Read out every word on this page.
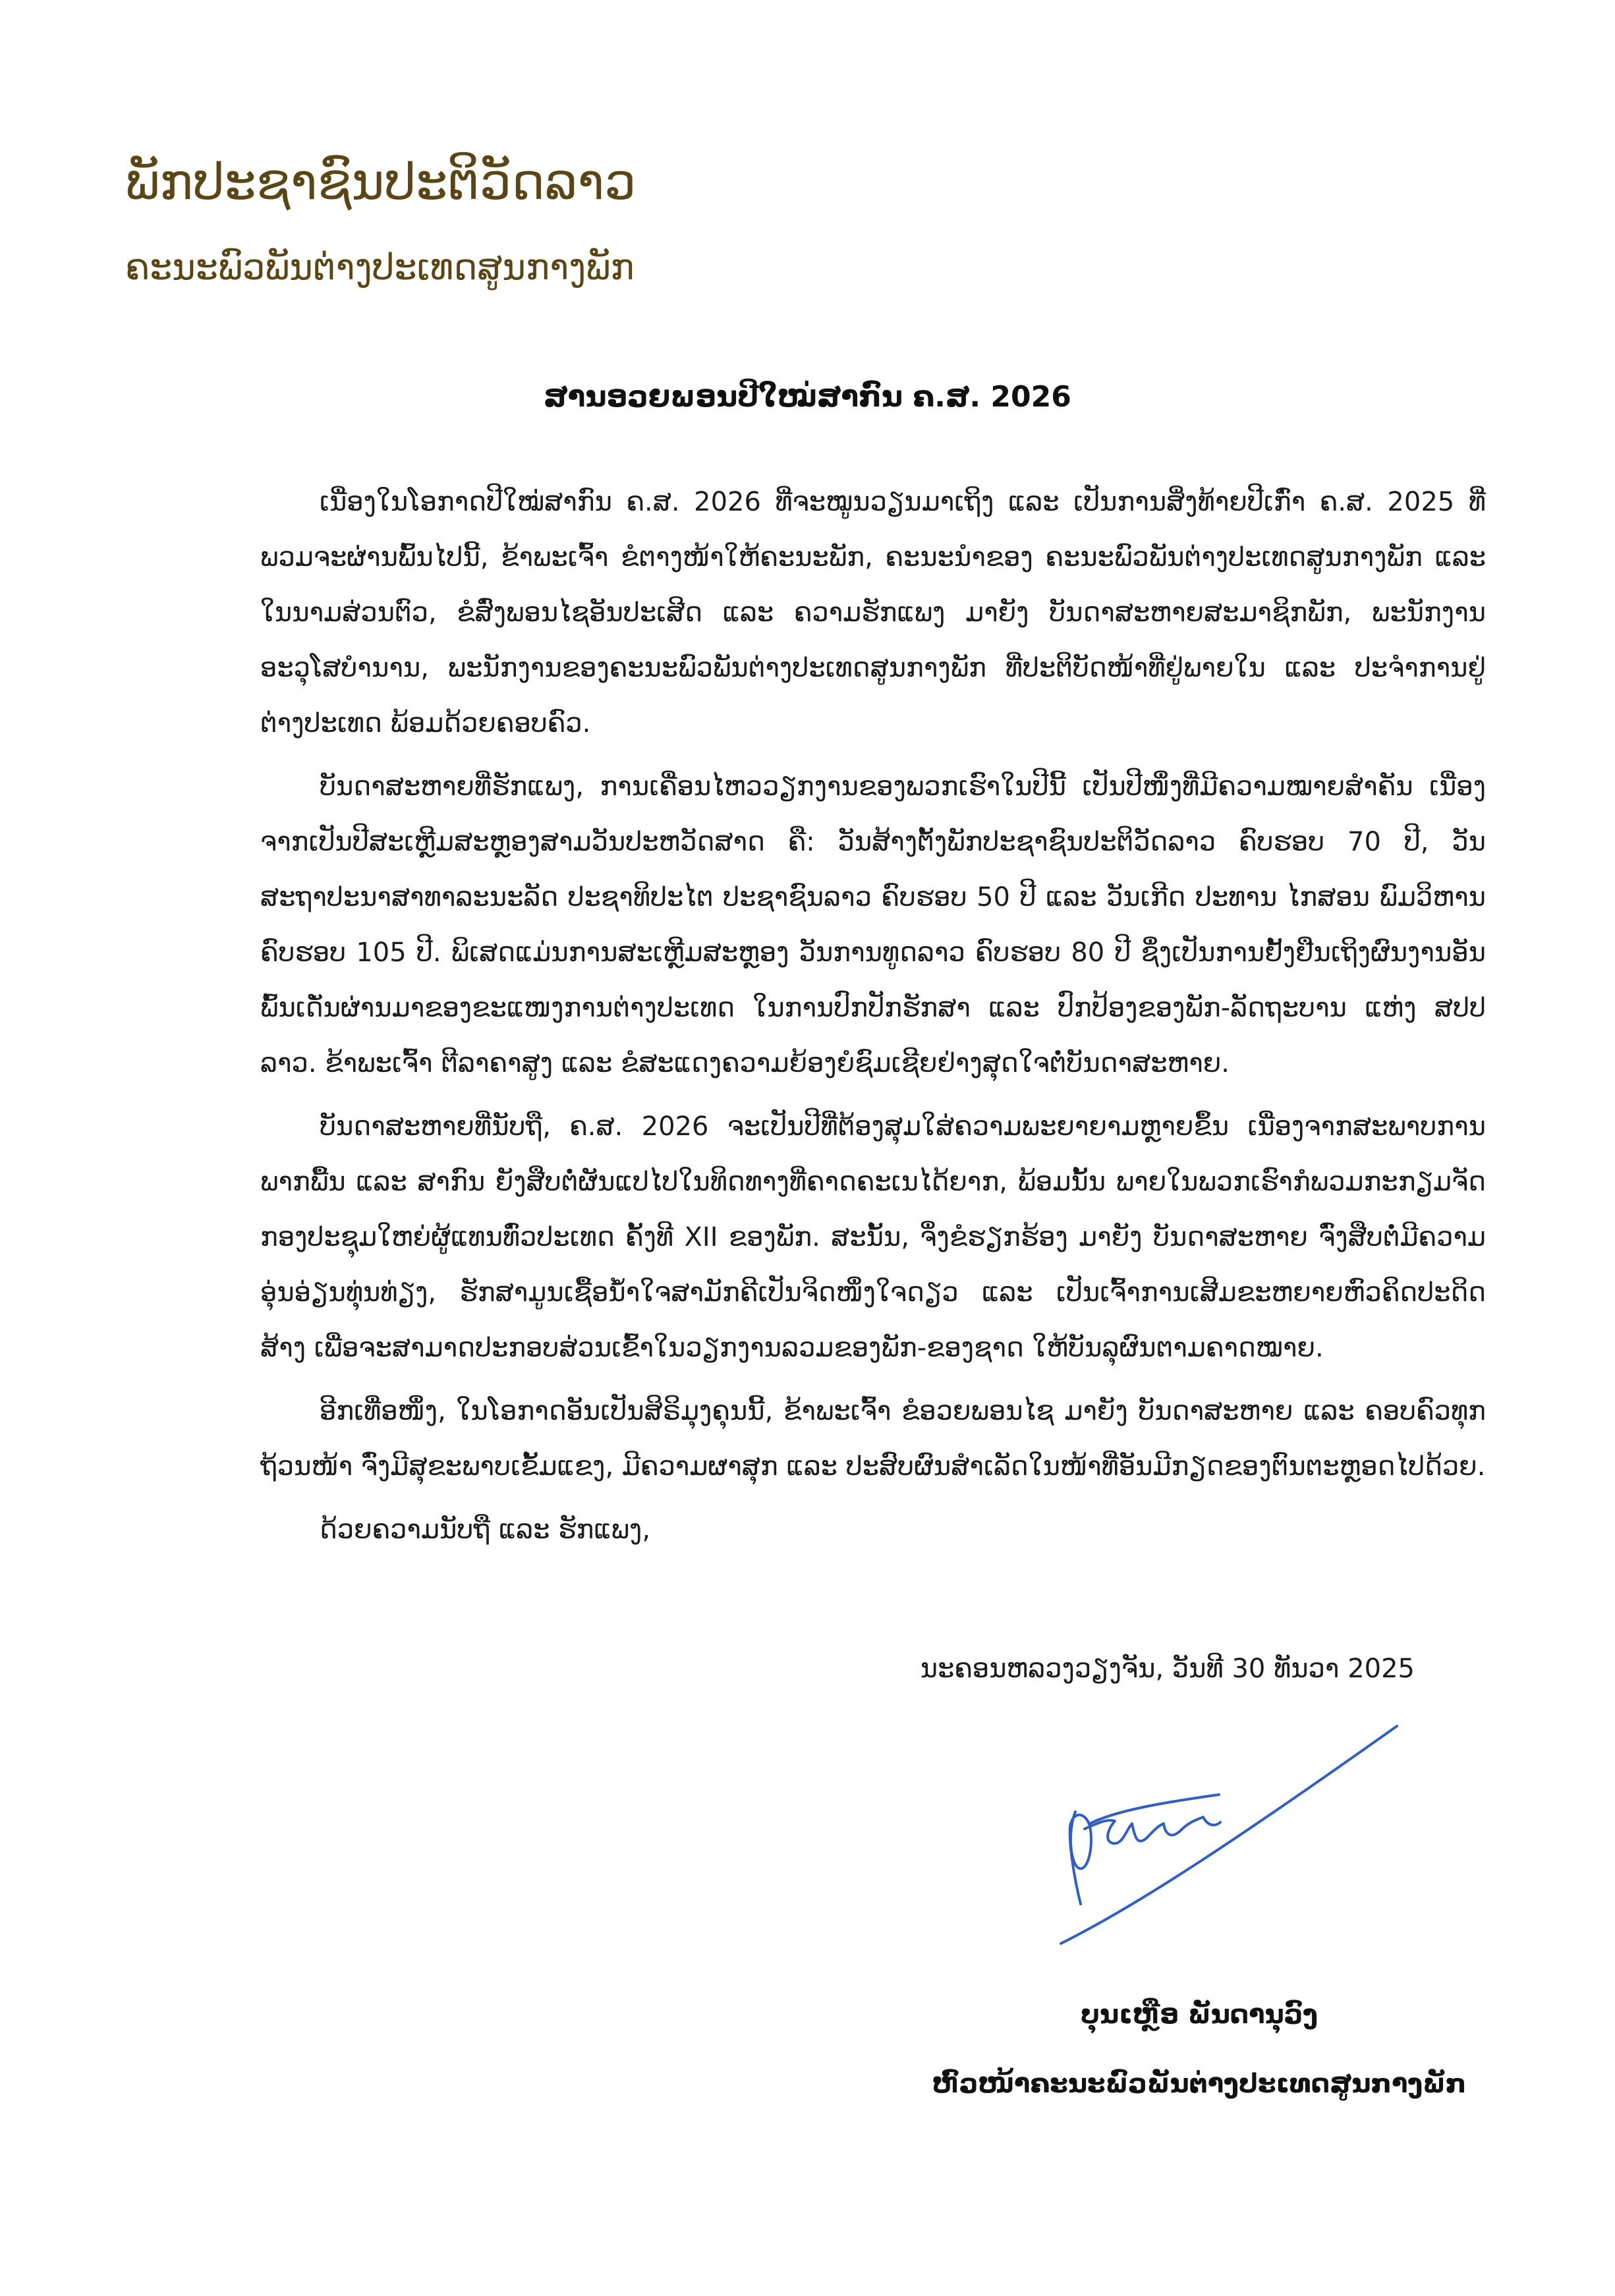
ພັກປະຊາຊົນປະຕິວັດລາວ
ຄະນະພົວພັນຕ່າງປະເທດສູນກາງພັກ
ສານອວຍພອນປີໃໝ່ສາກົນ ຄ.ສ. 2026

ເນື່ອງໃນໂອກາດປີໃໝ່ສາກົນ ຄ.ສ. 2026 ທີ່ຈະໝູນວຽນມາເຖິງ ແລະ ເປັນການສິ່ງທ້າຍປີເກົ່າ ຄ.ສ. 2025 ທີ່ພວມຈະຜ່ານພົ້ນໄປນີ້, ຂ້າພະເຈົ້າ ຂໍຕາງໜ້າໃຫ້ຄະນະພັກ, ຄະນະນຳຂອງ ຄະນະພົວພັນຕ່າງປະເທດສູນກາງພັກ ແລະ ໃນນາມສ່ວນຕົວ, ຂໍສົ່ງພອນໄຊອັນປະເສີດ ແລະ ຄວາມຮັກແພງ ມາຍັງ ບັນດາສະຫາຍສະມາຊິກພັກ, ພະນັກງານ ອະວຸໂສບຳນານ, ພະນັກງານຂອງຄະນະພົວພັນຕ່າງປະເທດສູນກາງພັກ ທີ່ປະຕິບັດໜ້າທີ່ຢູ່ພາຍໃນ ແລະ ປະຈຳການຢູ່ຕ່າງປະເທດ ພ້ອມດ້ວຍຄອບຄົວ.

ບັນດາສະຫາຍທີ່ຮັກແພງ, ການເຄື່ອນໄຫວວຽກງານຂອງພວກເຮົາໃນປີນີ້ ເປັນປີໜຶ່ງທີ່ມີຄວາມໝາຍສຳຄັນ ເນື່ອງຈາກເປັນປີສະເຫຼີມສະຫຼອງສາມວັນປະຫວັດສາດ ຄື: ວັນສ້າງຕັ້ງພັກປະຊາຊົນປະຕິວັດລາວ ຄົບຮອບ 70 ປີ, ວັນສະຖາປະນາສາທາລະນະລັດ ປະຊາທິປະໄຕ ປະຊາຊົນລາວ ຄົບຮອບ 50 ປີ ແລະ ວັນເກີດ ປະທານ ໄກສອນ ພົມວິຫານ ຄົບຮອບ 105 ປີ. ພິເສດແມ່ນການສະເຫຼີມສະຫຼອງ ວັນການທູດລາວ ຄົບຮອບ 80 ປີ ຊຶ່ງເປັນການຢັ້ງຢືນເຖິງຜົນງານອັນພົ້ນເດັ່ນຜ່ານມາຂອງຂະແໜງການຕ່າງປະເທດ ໃນການປົກປັກຮັກສາ ແລະ ປົກປ້ອງຂອງພັກ-ລັດຖະບານ ແຫ່ງ ສປປ ລາວ. ຂ້າພະເຈົ້າ ຕີລາຄາສູງ ແລະ ຂໍສະແດງຄວາມຍ້ອງຍໍຊົມເຊີຍຢ່າງສຸດໃຈຕໍ່ບັນດາສະຫາຍ.

ບັນດາສະຫາຍທີ່ນັບຖື, ຄ.ສ. 2026 ຈະເປັນປີທີ່ຕ້ອງສຸມໃສ່ຄວາມພະຍາຍາມຫຼາຍຂຶ້ນ ເນື່ອງຈາກສະພາບການພາກພື້ນ ແລະ ສາກົນ ຍັງສືບຕໍ່ຜັນແປໄປໃນທິດທາງທີ່ຄາດຄະເນໄດ້ຍາກ, ພ້ອມນັ້ນ ພາຍໃນພວກເຮົາກໍພວມກະກຽມຈັດກອງປະຊຸມໃຫຍ່ຜູ້ແທນທົ່ວປະເທດ ຄັ້ງທີ XII ຂອງພັກ. ສະນັ້ນ, ຈຶ່ງຂໍຮຽກຮ້ອງ ມາຍັງ ບັນດາສະຫາຍ ຈົ່ງສືບຕໍ່ມີຄວາມອຸ່ນອ່ຽນທຸ່ນທ່ຽງ, ຮັກສາມູນເຊື້ອນ້ຳໃຈສາມັກຄີເປັນຈິດໜຶ່ງໃຈດຽວ ແລະ ເປັນເຈົ້າການເສີມຂະຫຍາຍຫົວຄິດປະດິດສ້າງ ເພື່ອຈະສາມາດປະກອບສ່ວນເຂົ້າໃນວຽກງານລວມຂອງພັກ-ຂອງຊາດ ໃຫ້ບັນລຸຜົນຕາມຄາດໝາຍ.

ອີກເທື່ອໜຶ່ງ, ໃນໂອກາດອັນເປັນສິຣິມຸງຄຸນນີ້, ຂ້າພະເຈົ້າ ຂໍອວຍພອນໄຊ ມາຍັງ ບັນດາສະຫາຍ ແລະ ຄອບຄົວທຸກຖ້ວນໜ້າ ຈົ່ງມີສຸຂະພາບເຂັ້ມແຂງ, ມີຄວາມຜາສຸກ ແລະ ປະສົບຜົນສຳເລັດໃນໜ້າທີ່ອັນມີກຽດຂອງຕົນຕະຫຼອດໄປດ້ວຍ.

ດ້ວຍຄວາມນັບຖື ແລະ ຮັກແພງ,

ນະຄອນຫລວງວຽງຈັນ, ວັນທີ 30 ທັນວາ 2025
ບຸນເຫຼືອ ພັນດານຸວົງ
ຫົວໜ້າຄະນະພົວພັນຕ່າງປະເທດສູນກາງພັກ
